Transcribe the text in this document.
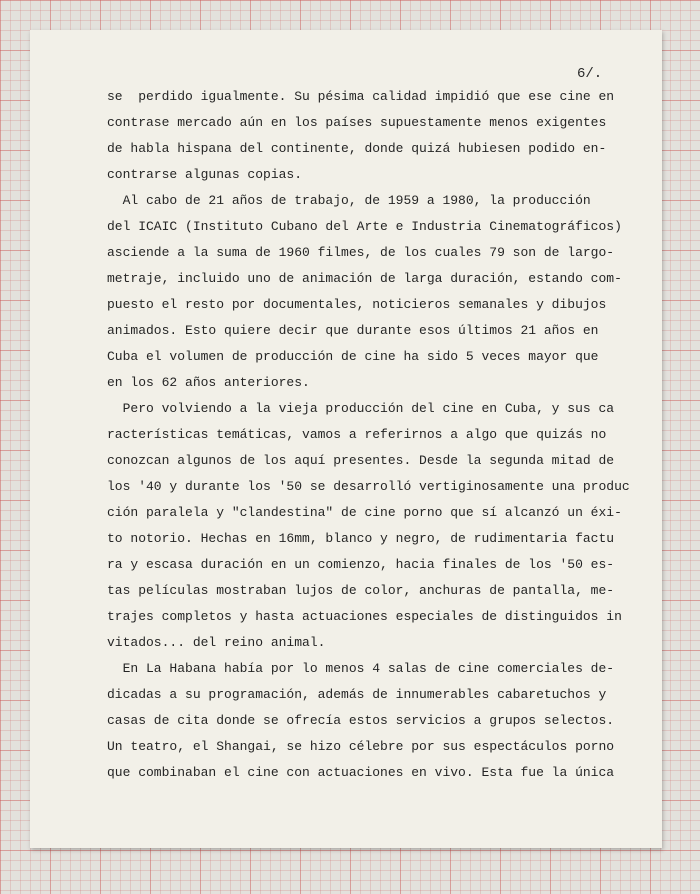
6/.
se  perdido igualmente. Su pésima calidad impidió que ese cine en
contrase mercado aún en los países supuestamente menos exigentes
de habla hispana del continente, donde quizá hubiesen podido en-
contrarse algunas copias.
Al cabo de 21 años de trabajo, de 1959 a 1980, la producción
del ICAIC (Instituto Cubano del Arte e Industria Cinematográficos)
asciende a la suma de 1960 filmes, de los cuales 79 son de largo-
metraje, incluido uno de animación de larga duración, estando com-
puesto el resto por documentales, noticieros semanales y dibujos
animados. Esto quiere decir que durante esos últimos 21 años en
Cuba el volumen de producción de cine ha sido 5 veces mayor que
en los 62 años anteriores.
Pero volviendo a la vieja producción del cine en Cuba, y sus ca
racterísticas temáticas, vamos a referirnos a algo que quizás no
conozcan algunos de los aquí presentes. Desde la segunda mitad de
los '40 y durante los '50 se desarrolló vertiginosamente una produc
ción paralela y "clandestina" de cine porno que sí alcanzó un éxi-
to notorio. Hechas en 16mm, blanco y negro, de rudimentaria factu
ra y escasa duración en un comienzo, hacia finales de los '50 es-
tas películas mostraban lujos de color, anchuras de pantalla, me-
trajes completos y hasta actuaciones especiales de distinguidos in
vitados... del reino animal.
En La Habana había por lo menos 4 salas de cine comerciales de-
dicadas a su programación, además de innumerables cabaretuchos y
casas de cita donde se ofrecía estos servicios a grupos selectos.
Un teatro, el Shangai, se hizo célebre por sus espectáculos porno
que combinaban el cine con actuaciones en vivo. Esta fue la única
